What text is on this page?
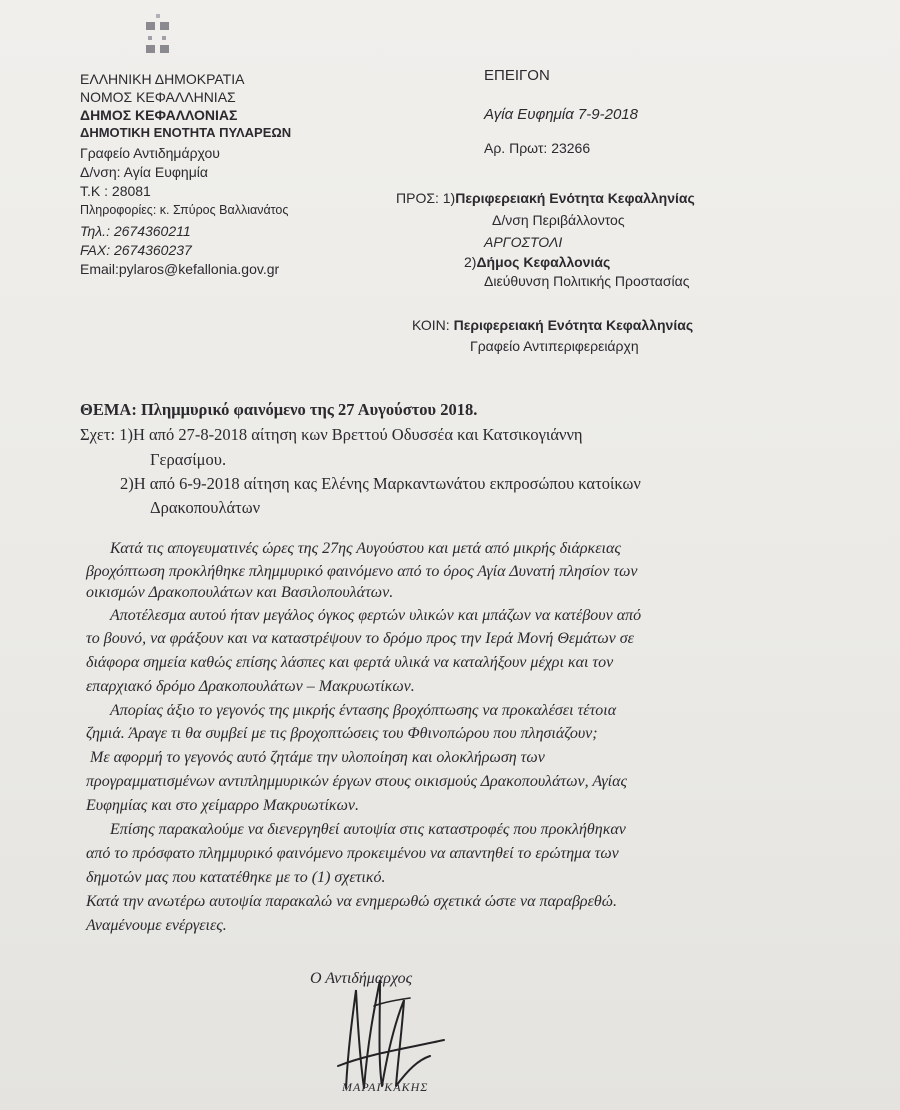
ΕΛΛΗΝΙΚΗ ΔΗΜΟΚΡΑΤΙΑ
ΝΟΜΟΣ ΚΕΦΑΛΛΗΝΙΑΣ
ΔΗΜΟΣ ΚΕΦΑΛΛΟΝΙΑΣ
ΔΗΜΟΤΙΚΗ ΕΝΟΤΗΤΑ ΠΥΛΑΡΕΩΝ
Γραφείο Αντιδημάρχου
Δ/νση: Αγία Ευφημία
Τ.Κ : 28081
Πληροφορίες: κ. Σπύρος Βαλλιανάτος
Τηλ.: 2674360211
FAX: 2674360237
Email:pylaros@kefallonia.gov.gr
ΕΠΕΙΓΟΝ
Αγία Ευφημία 7-9-2018
Αρ. Πρωτ: 23266
ΠΡΟΣ: 1)Περιφερειακή Ενότητα Κεφαλληνίας
Δ/νση Περιβάλλοντος
ΑΡΓΟΣΤΟΛΙ
2)Δήμος Κεφαλλονιάς
Διεύθυνση Πολιτικής Προστασίας
ΚΟΙΝ: Περιφερειακή Ενότητα Κεφαλληνίας
Γραφείο Αντιπεριφερειάρχη
ΘΕΜΑ: Πλημμυρικό φαινόμενο της 27 Αυγούστου 2018.
Σχετ: 1)Η από 27-8-2018 αίτηση κων Βρεττού Οδυσσέα και Κατσικογιάννη
Γερασίμου.
2)Η από 6-9-2018 αίτηση κας Ελένης Μαρκαντωνάτου εκπροσώπου κατοίκων
Δρακοπουλάτων
Κατά τις απογευματινές ώρες της 27ης Αυγούστου και μετά από μικρής διάρκειας
βροχόπτωση προκλήθηκε πλημμυρικό φαινόμενο από το όρος Αγία Δυνατή πλησίον των
οικισμών Δρακοπουλάτων και Βασιλοπουλάτων.
Αποτέλεσμα αυτού ήταν μεγάλος όγκος φερτών υλικών και μπάζων να κατέβουν από
το βουνό, να φράξουν και να καταστρέψουν το δρόμο προς την Ιερά Μονή Θεμάτων σε
διάφορα σημεία καθώς επίσης λάσπες και φερτά υλικά να καταλήξουν μέχρι και τον
επαρχιακό δρόμο Δρακοπουλάτων – Μακρυωτίκων.
Απορίας άξιο το γεγονός της μικρής έντασης βροχόπτωσης να προκαλέσει τέτοια
ζημιά. Άραγε τι θα συμβεί με τις βροχοπτώσεις του Φθινοπώρου που πλησιάζουν;
Με αφορμή το γεγονός αυτό ζητάμε την υλοποίηση και ολοκλήρωση των
προγραμματισμένων αντιπλημμυρικών έργων στους οικισμούς Δρακοπουλάτων, Αγίας
Ευφημίας και στο χείμαρρο Μακρυωτίκων.
Επίσης παρακαλούμε να διενεργηθεί αυτοψία στις καταστροφές που προκλήθηκαν
από το πρόσφατο πλημμυρικό φαινόμενο προκειμένου να απαντηθεί το ερώτημα των
δημοτών μας που κατατέθηκε με το (1) σχετικό.
Κατά την ανωτέρω αυτοψία παρακαλώ να ενημερωθώ σχετικά ώστε να παραβρεθώ.
Αναμένουμε ενέργειες.
Ο Αντιδήμαρχος
ΜΑΡΑΓΚΑΚΗΣ
